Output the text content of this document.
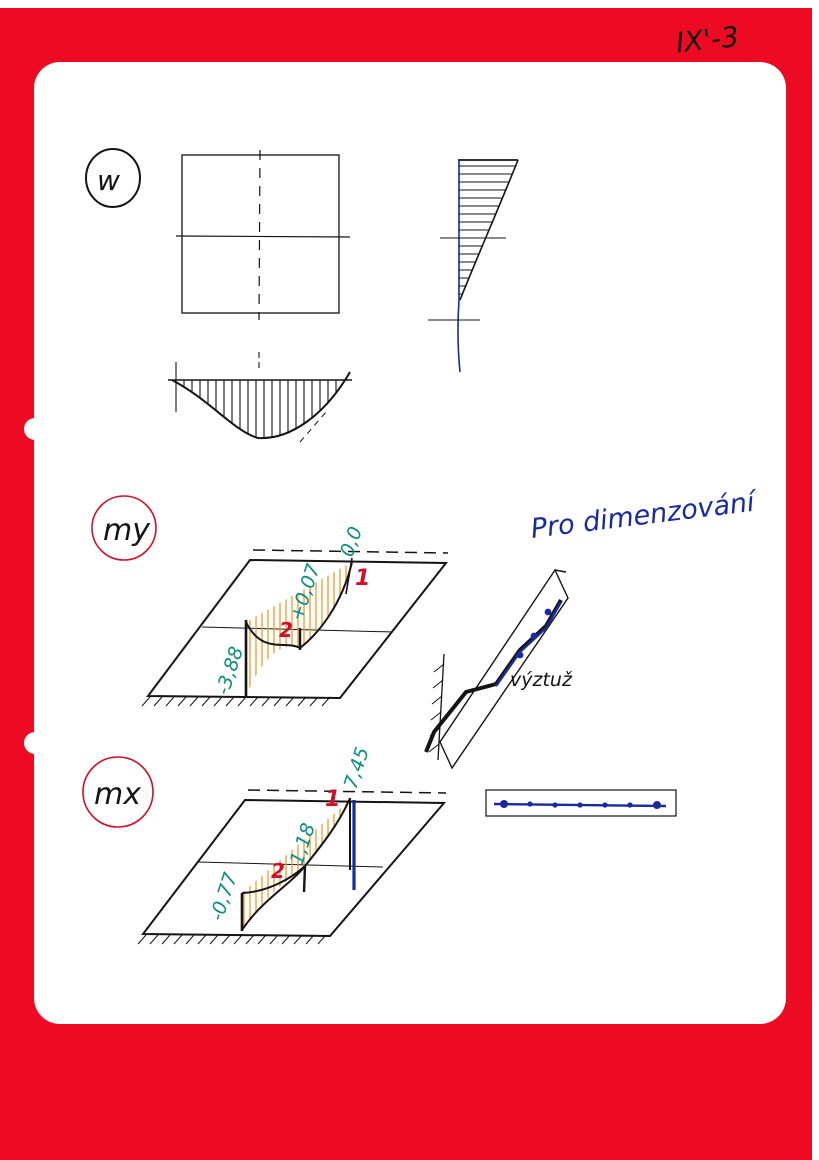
IX'-3
w
my	0,0
+0,07
-3,88
1
2
Pro dimenzování
výztuž
mx
7,45
1,18
-0,77
1
2
